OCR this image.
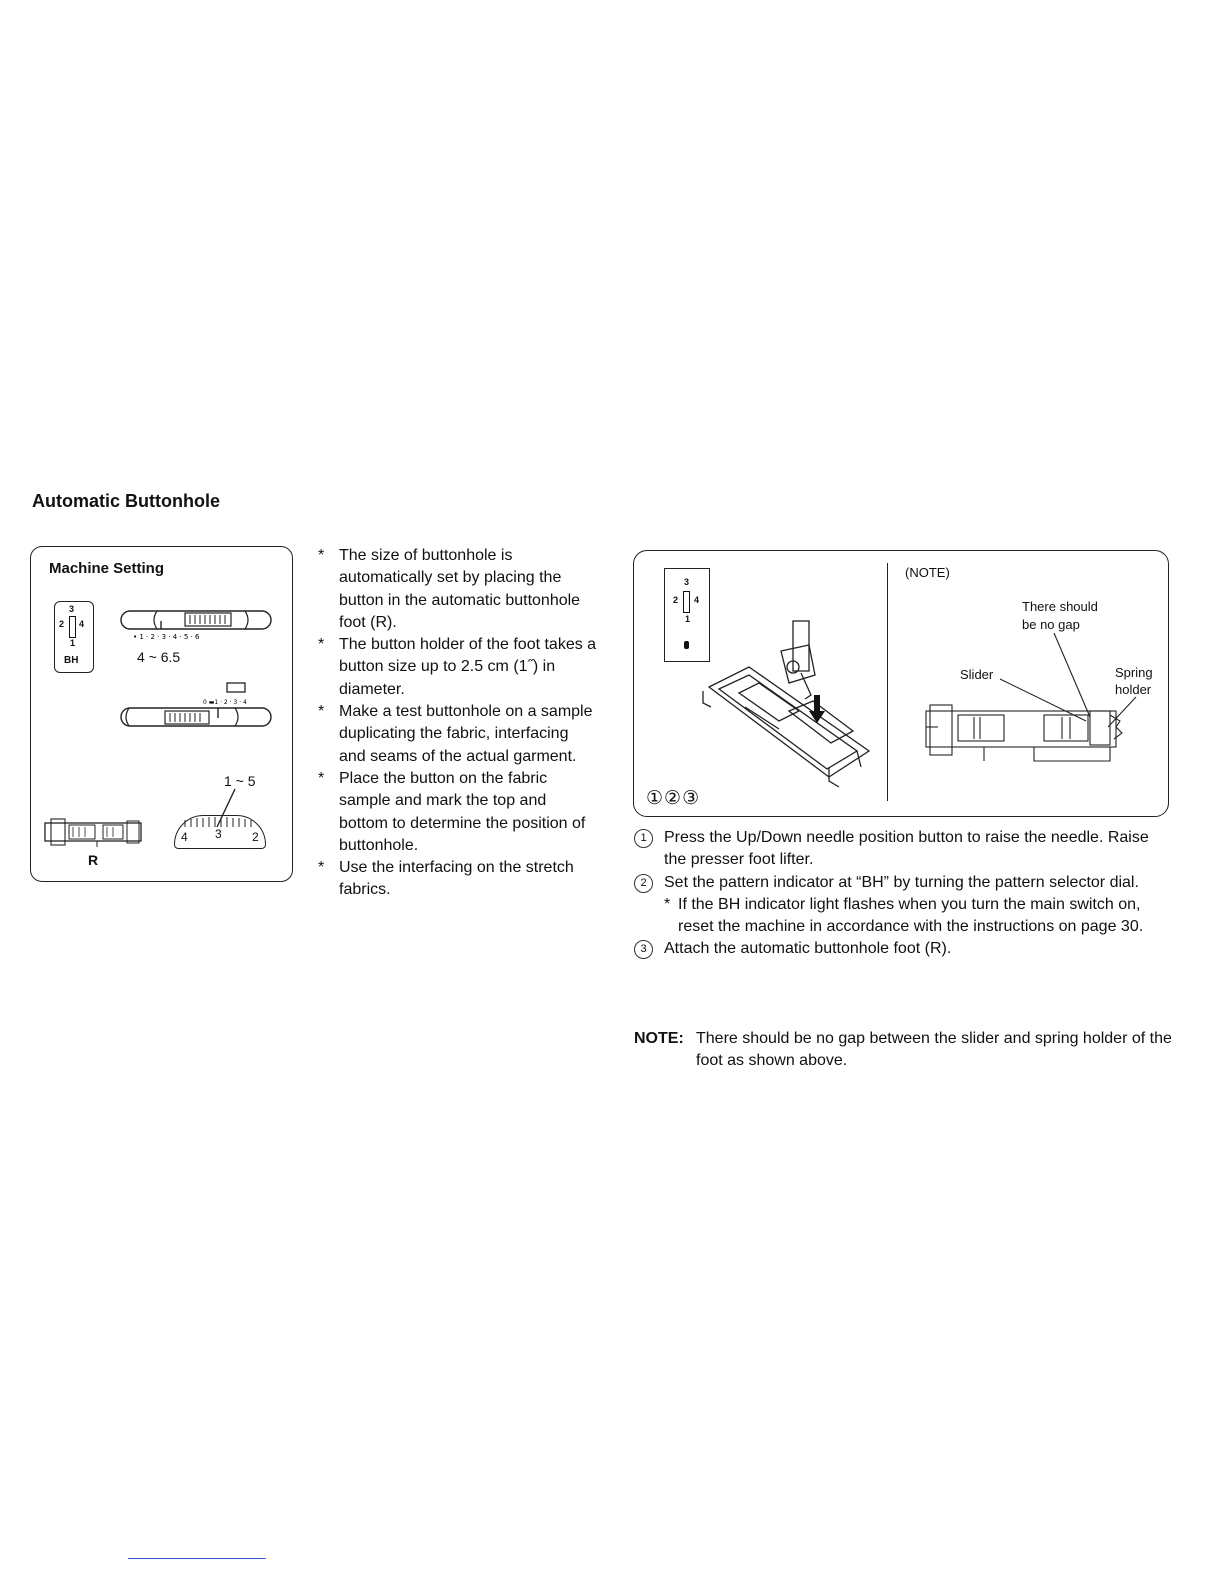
Automatic Buttonhole
Machine Setting
3
2 4
1
BH
• 1 · 2 · 3 · 4 · 5 · 6
4 ~ 6.5
0 ▬1 · 2 · 3 · 4
1 ~ 5
R
4 3	2
* The size of buttonhole is automatically set by placing the button in the automatic buttonhole foot (R).
* The button holder of the foot takes a button size up to 2.5 cm (1˝) in diameter.
* Make a test buttonhole on a sample duplicating the fabric, interfacing and seams of the actual garment.
* Place the button on the fabric sample and mark the top and bottom to determine the position of buttonhole.
* Use the interfacing on the stretch fabrics.
3
2 4
1
①②③
(NOTE)
There should
be no gap
Slider	Spring
holder
1	Press the Up/Down needle position button to raise the needle. Raise the presser foot lifter.
2	Set the pattern indicator at “BH” by turning the pattern selector dial.
* If the BH indicator light flashes when you turn the main switch on, reset the machine in accordance with the instructions on page 30.
3	Attach the automatic buttonhole foot (R).
NOTE: There should be no gap between the slider and spring holder of the foot as shown above.
